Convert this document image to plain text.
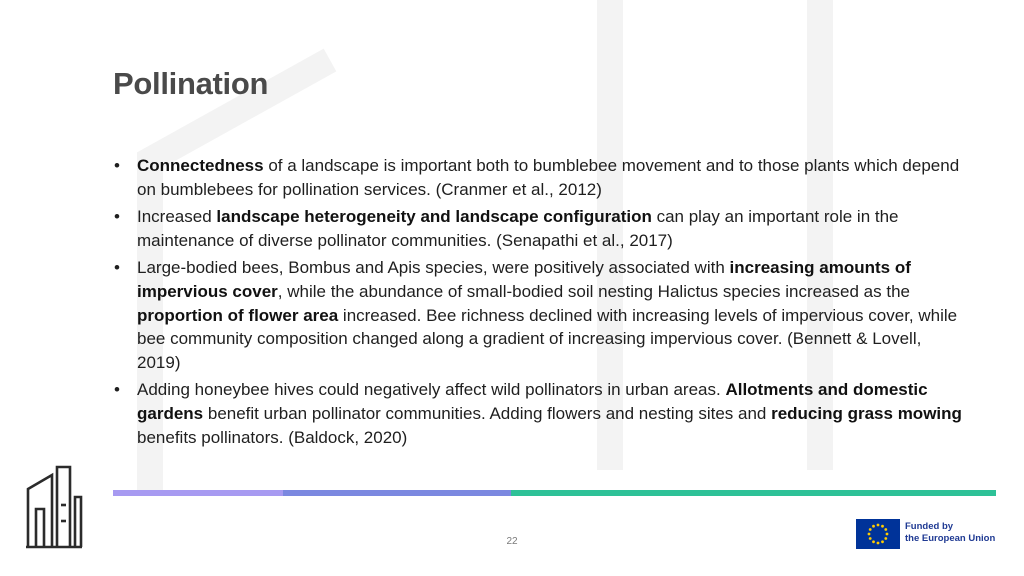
Pollination
• Connectedness of a landscape is important both to bumblebee movement and to those plants which depend on bumblebees for pollination services. (Cranmer et al., 2012)
• Increased landscape heterogeneity and landscape configuration can play an important role in the maintenance of diverse pollinator communities. (Senapathi et al., 2017)
• Large-bodied bees, Bombus and Apis species, were positively associated with increasing amounts of impervious cover, while the abundance of small-bodied soil nesting Halictus species increased as the proportion of flower area increased. Bee richness declined with increasing levels of impervious cover, while bee community composition changed along a gradient of increasing impervious cover. (Bennett & Lovell, 2019)
• Adding honeybee hives could negatively affect wild pollinators in urban areas. Allotments and domestic gardens benefit urban pollinator communities. Adding flowers and nesting sites and reducing grass mowing benefits pollinators. (Baldock, 2020)
22
Funded by
the European Union
